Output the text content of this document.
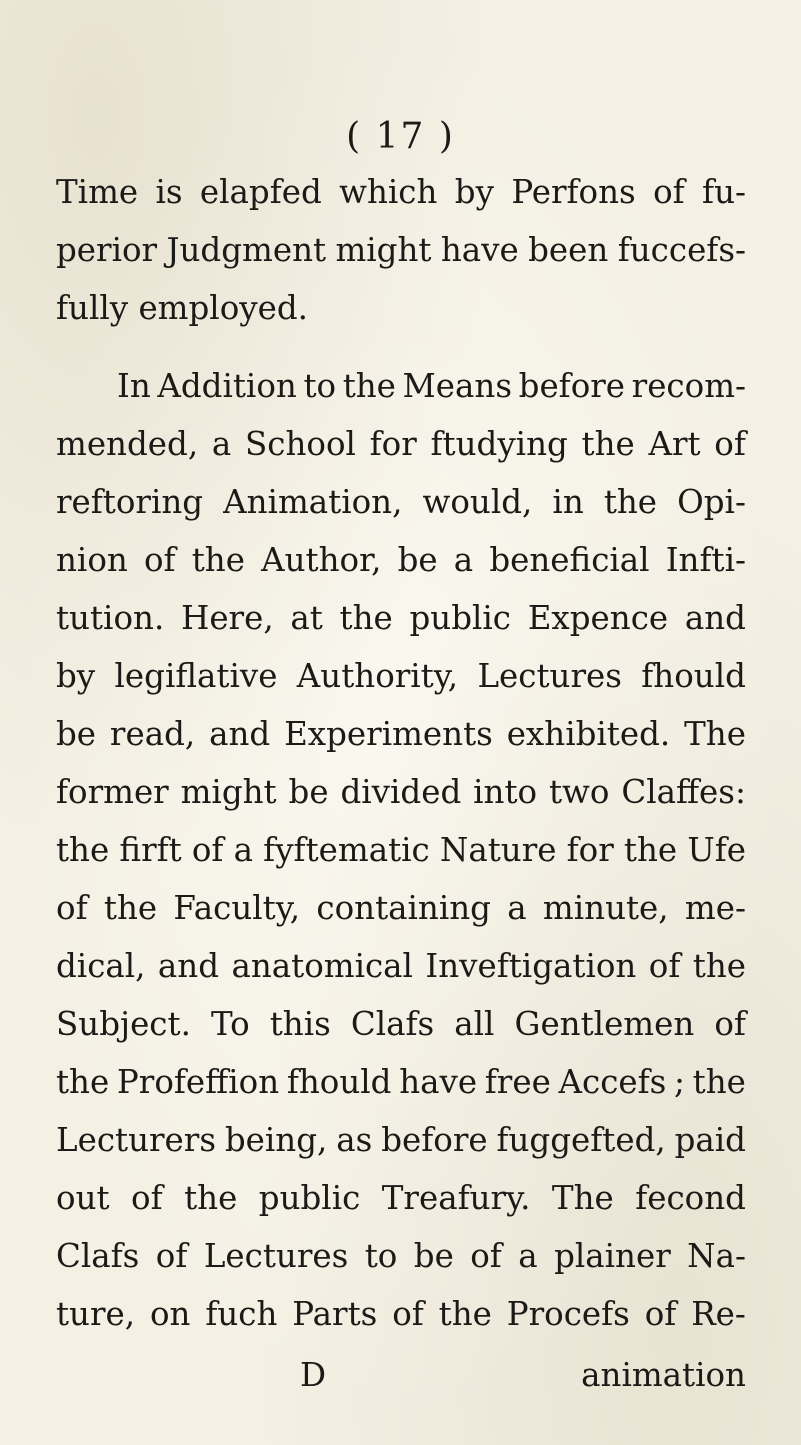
( 17 )
Time is elapfed which by Perfons of fu-
perior Judgment might have been fuccefs-
fully employed.
In Addition to the Means before recom-
mended, a School for ftudying the Art of
reftoring Animation, would, in the Opi-
nion of the Author, be a beneficial Infti-
tution. Here, at the public Expence and
by legiflative Authority, Lectures fhould
be read, and Experiments exhibited. The
former might be divided into two Claffes:
the firft of a fyftematic Nature for the Ufe
of the Faculty, containing a minute, me-
dical, and anatomical Inveftigation of the
Subject. To this Clafs all Gentlemen of
the Profeffion fhould have free Accefs ; the
Lecturers being, as before fuggefted, paid
out of the public Treafury. The fecond
Clafs of Lectures to be of a plainer Na-
ture, on fuch Parts of the Procefs of Re-
D	animation
